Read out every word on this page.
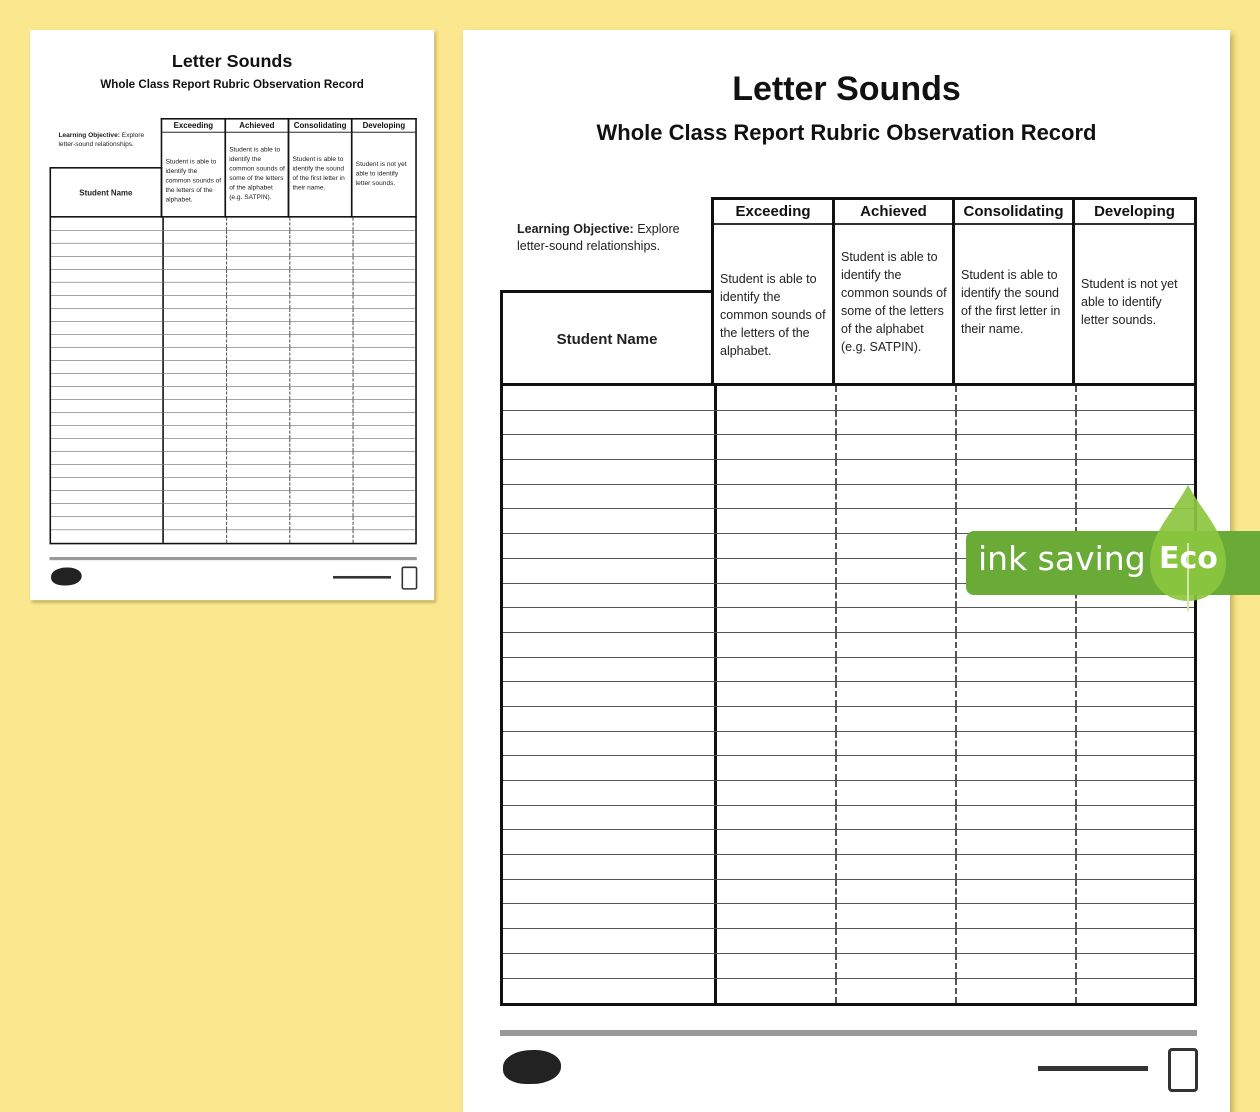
Letter Sounds
Whole Class Report Rubric Observation Record
Learning Objective: Explore letter-sound relationships.
Student Name
Exceeding
Student is able to identify the common sounds of the letters of the alphabet.
Achieved
Student is able to identify the common sounds of some of the letters of the alphabet (e.g. SATPIN).
Consolidating
Student is able to identify the sound of the first letter in their name.
Developing
Student is not yet able to identify letter sounds.
Letter Sounds
Whole Class Report Rubric Observation Record
Learning Objective: Explore letter-sound relationships.
Student Name
Exceeding
Student is able to identify the common sounds of the letters of the alphabet.
Achieved
Student is able to identify the common sounds of some of the letters of the alphabet (e.g. SATPIN).
Consolidating
Student is able to identify the sound of the first letter in their name.
Developing
Student is not yet able to identify letter sounds.
ink saving Eco
